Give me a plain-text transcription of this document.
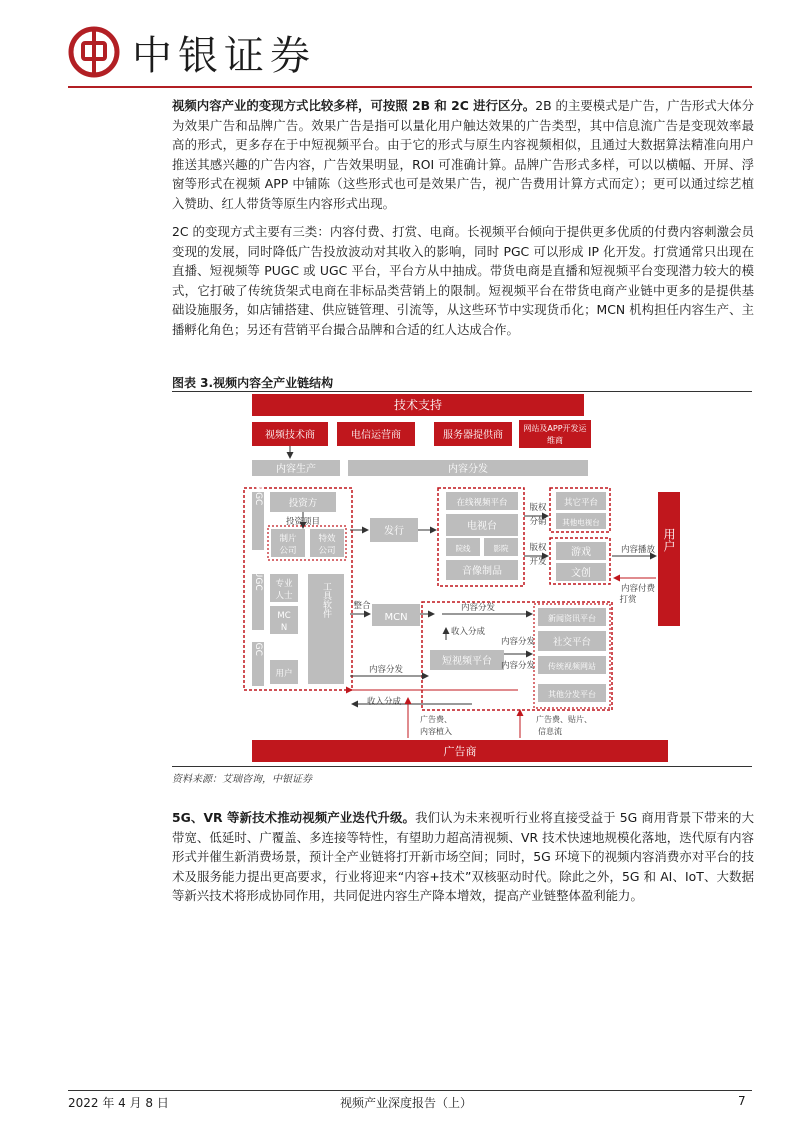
中银证券

视频内容产业的变现方式比较多样，可按照 2B 和 2C 进行区分。2B 的主要模式是广告，广告形式大体分为效果广告和品牌广告。效果广告是指可以量化用户触达效果的广告类型，其中信息流广告是变现效率最高的形式，更多存在于中短视频平台。由于它的形式与原生内容视频相似，且通过大数据算法精准向用户推送其感兴趣的广告内容，广告效果明显，ROI 可准确计算。品牌广告形式多样，可以以横幅、开屏、浮窗等形式在视频 APP 中铺陈（这些形式也可是效果广告，视广告费用计算方式而定）；更可以通过综艺植入赞助、红人带货等原生内容形式出现。

2C 的变现方式主要有三类：内容付费、打赏、电商。长视频平台倾向于提供更多优质的付费内容刺激会员变现的发展，同时降低广告投放波动对其收入的影响，同时 PGC 可以形成 IP 化开发。打赏通常只出现在直播、短视频等 PUGC 或 UGC 平台，平台方从中抽成。带货电商是直播和短视频平台变现潜力较大的模式，它打破了传统货架式电商在非标品类营销上的限制。短视频平台在带货电商产业链中更多的是提供基础设施服务，如店铺搭建、供应链管理、引流等，从这些环节中实现货币化；MCN 机构担任内容生产、主播孵化角色；另还有营销平台撮合品牌和合适的红人达成合作。

图表 3.视频内容全产业链结构
技术支持
视频技术商	电信运营商	服务器提供商
网站及APP开发运
维商
内容生产	内容分发
PGC
PUGC
UGC
投资方
投资项目
制片
公司
特效
公司
专业
人士
MC
N
用户
工具软件
发行
在线视频平台
电视台
院线	影院
音像制品
版权
分销
版权
开发
其它平台
其他电视台
游戏
文创
用户
内容播放
内容付费
打赏
整合
MCN
内容分发
收入分成
短视频平台
内容分发
内容分发
新闻资讯平台
社交平台
传统视频网站
其他分发平台
内容分发
收入分成
广告费、
内容植入
广告费、贴片、
信息流
广告商
资料来源：艾瑞咨询，中银证券

5G、VR 等新技术推动视频产业迭代升级。我们认为未来视听行业将直接受益于 5G 商用背景下带来的大带宽、低延时、广覆盖、多连接等特性，有望助力超高清视频、VR 技术快速地规模化落地，迭代原有内容形式并催生新消费场景，预计全产业链将打开新市场空间；同时，5G 环境下的视频内容消费亦对平台的技术及服务能力提出更高要求，行业将迎来“内容+技术”双核驱动时代。除此之外，5G 和 AI、IoT、大数据等新兴技术将形成协同作用，共同促进内容生产降本增效，提高产业链整体盈利能力。

2022 年 4 月 8 日	视频产业深度报告（上）	7
